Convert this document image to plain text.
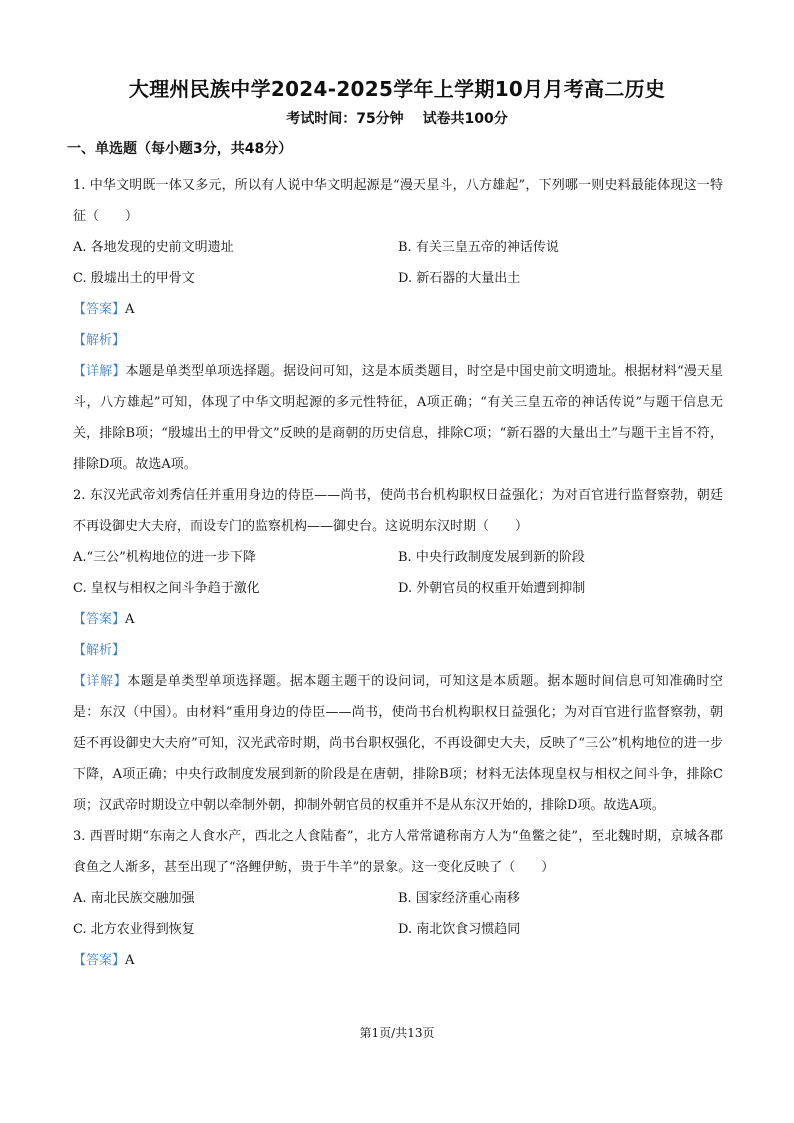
大理州民族中学2024-2025学年上学期10月月考高二历史
考试时间：75分钟 试卷共100分

一、单选题（每小题3分，共48分）

1. 中华文明既一体又多元，所以有人说中华文明起源是“漫天星斗，八方雄起”，下列哪一则史料最能体现这一特征（　　）

A. 各地发现的史前文明遗址	B. 有关三皇五帝的神话传说
C. 殷墟出土的甲骨文	D. 新石器的大量出土

【答案】A

【解析】

【详解】本题是单类型单项选择题。据设问可知，这是本质类题目，时空是中国史前文明遗址。根据材料“漫天星斗，八方雄起”可知，体现了中华文明起源的多元性特征，A项正确；“有关三皇五帝的神话传说”与题干信息无关，排除B项；“殷墟出土的甲骨文”反映的是商朝的历史信息，排除C项；“新石器的大量出土”与题干主旨不符，排除D项。故选A项。

2. 东汉光武帝刘秀信任并重用身边的侍臣——尚书，使尚书台机构职权日益强化；为对百官进行监督察勃，朝廷不再设御史大夫府，而设专门的监察机构——御史台。这说明东汉时期（　　）

A.“三公”机构地位的进一步下降	B. 中央行政制度发展到新的阶段
C. 皇权与相权之间斗争趋于激化	D. 外朝官员的权重开始遭到抑制

【答案】A

【解析】

【详解】本题是单类型单项选择题。据本题主题干的设问词，可知这是本质题。据本题时间信息可知准确时空是：东汉（中国）。由材料“重用身边的侍臣——尚书，使尚书台机构职权日益强化；为对百官进行监督察勃，朝廷不再设御史大夫府”可知，汉光武帝时期，尚书台职权强化，不再设御史大夫，反映了“三公”机构地位的进一步下降，A项正确；中央行政制度发展到新的阶段是在唐朝，排除B项；材料无法体现皇权与相权之间斗争，排除C项；汉武帝时期设立中朝以牵制外朝，抑制外朝官员的权重并不是从东汉开始的，排除D项。故选A项。

3. 西晋时期“东南之人食水产，西北之人食陆畜”，北方人常常谴称南方人为“鱼鳖之徒”，至北魏时期，京城各郡食鱼之人渐多，甚至出现了“洛鲤伊鲂，贵于牛羊”的景象。这一变化反映了（　　）

A. 南北民族交融加强	B. 国家经济重心南移
C. 北方农业得到恢复	D. 南北饮食习惯趋同

【答案】A

第1页/共13页
